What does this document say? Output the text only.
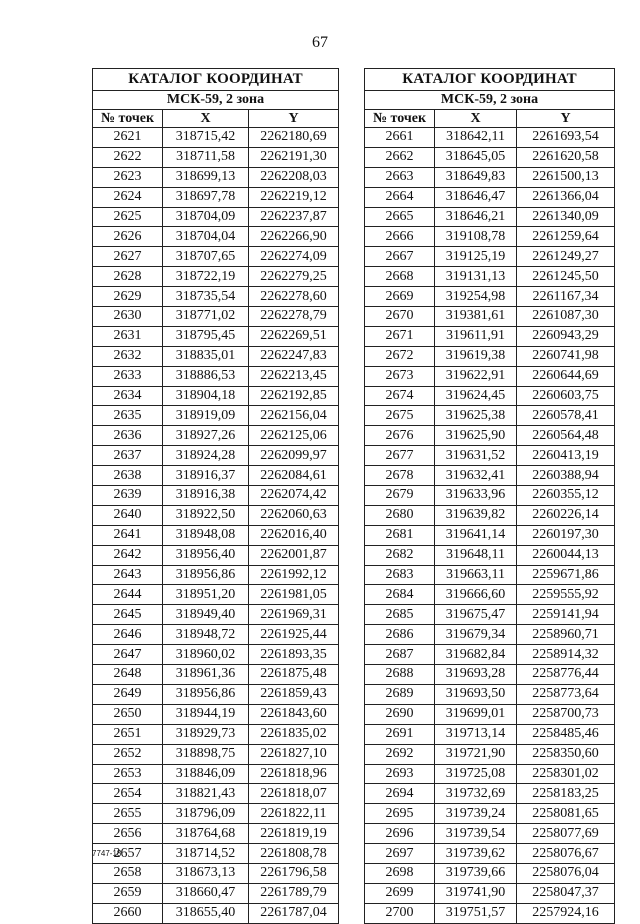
67
КАТАЛОГ КООРДИНАТ		
МСК-59, 2 зона		
№ точек	X	Y
2621	318715,42	2262180,69
2622	318711,58	2262191,30
2623	318699,13	2262208,03
2624	318697,78	2262219,12
2625	318704,09	2262237,87
2626	318704,04	2262266,90
2627	318707,65	2262274,09
2628	318722,19	2262279,25
2629	318735,54	2262278,60
2630	318771,02	2262278,79
2631	318795,45	2262269,51
2632	318835,01	2262247,83
2633	318886,53	2262213,45
2634	318904,18	2262192,85
2635	318919,09	2262156,04
2636	318927,26	2262125,06
2637	318924,28	2262099,97
2638	318916,37	2262084,61
2639	318916,38	2262074,42
2640	318922,50	2262060,63
2641	318948,08	2262016,40
2642	318956,40	2262001,87
2643	318956,86	2261992,12
2644	318951,20	2261981,05
2645	318949,40	2261969,31
2646	318948,72	2261925,44
2647	318960,02	2261893,35
2648	318961,36	2261875,48
2649	318956,86	2261859,43
2650	318944,19	2261843,60
2651	318929,73	2261835,02
2652	318898,75	2261827,10
2653	318846,09	2261818,96
2654	318821,43	2261818,07
2655	318796,09	2261822,11
2656	318764,68	2261819,19
2657	318714,52	2261808,78
2658	318673,13	2261796,58
2659	318660,47	2261789,79
2660	318655,40	2261787,04
КАТАЛОГ КООРДИНАТ		
МСК-59, 2 зона		
№ точек	X	Y
2661	318642,11	2261693,54
2662	318645,05	2261620,58
2663	318649,83	2261500,13
2664	318646,47	2261366,04
2665	318646,21	2261340,09
2666	319108,78	2261259,64
2667	319125,19	2261249,27
2668	319131,13	2261245,50
2669	319254,98	2261167,34
2670	319381,61	2261087,30
2671	319611,91	2260943,29
2672	319619,38	2260741,98
2673	319622,91	2260644,69
2674	319624,45	2260603,75
2675	319625,38	2260578,41
2676	319625,90	2260564,48
2677	319631,52	2260413,19
2678	319632,41	2260388,94
2679	319633,96	2260355,12
2680	319639,82	2260226,14
2681	319641,14	2260197,30
2682	319648,11	2260044,13
2683	319663,11	2259671,86
2684	319666,60	2259555,92
2685	319675,47	2259141,94
2686	319679,34	2258960,71
2687	319682,84	2258914,32
2688	319693,28	2258776,44
2689	319693,50	2258773,64
2690	319699,01	2258700,73
2691	319713,14	2258485,46
2692	319721,90	2258350,60
2693	319725,08	2258301,02
2694	319732,69	2258183,25
2695	319739,24	2258081,65
2696	319739,54	2258077,69
2697	319739,62	2258076,67
2698	319739,66	2258076,04
2699	319741,90	2258047,37
2700	319751,57	2257924,16
7747-18
